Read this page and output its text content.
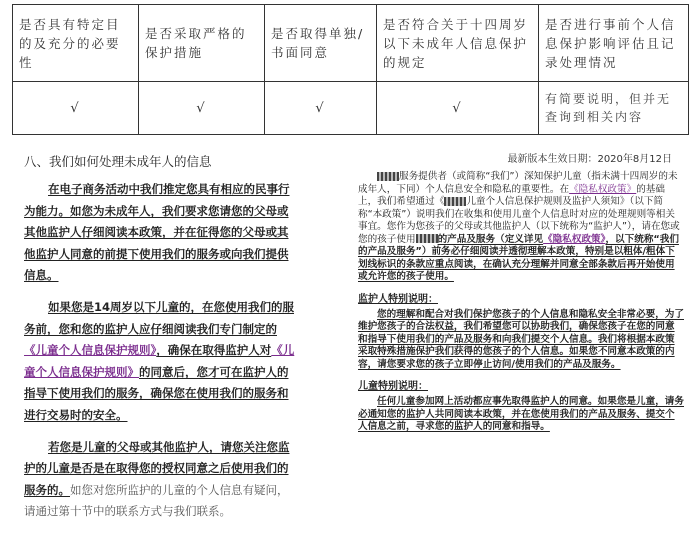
是否具有特定目的及充分的必要性	是否采取严格的保护措施	是否取得单独/书面同意	是否符合关于十四周岁以下未成年人信息保护的规定	是否进行事前个人信息保护影响评估且记录处理情况
√	√	√	√	有简要说明，但并无查询到相关内容
八、我们如何处理未成年人的信息

在电子商务活动中我们推定您具有相应的民事行为能力。如您为未成年人，我们要求您请您的父母或其他监护人仔细阅读本政策，并在征得您的父母或其他监护人同意的前提下使用我们的服务或向我们提供信息。

如果您是14周岁以下儿童的，在您使用我们的服务前，您和您的监护人应仔细阅读我们专门制定的《儿童个人信息保护规则》，确保在取得监护人对《儿童个人信息保护规则》的同意后，您才可在监护人的指导下使用我们的服务，确保您在使用我们的服务和进行交易时的安全。

若您是儿童的父母或其他监护人，请您关注您监护的儿童是否是在取得您的授权同意之后使用我们的服务的。如您对您所监护的儿童的个人信息有疑问，请通过第十节中的联系方式与我们联系。

最新版本生效日期：2020年8月12日

服务提供者（或简称“我们”）深知保护儿童（指未满十四周岁的未成年人，下同）个人信息安全和隐私的重要性。在《隐私权政策》的基础上，我们希望通过《 儿童个人信息保护规则及监护人须知》（以下简称“本政策”）说明我们在收集和使用儿童个人信息时对应的处理规则等相关事宜。您作为您孩子的父母或其他监护人（以下统称为“监护人”），请在您或您的孩子使用 的产品及服务（定义详见《隐私权政策》，以下统称“我们的产品及服务”）前务必仔细阅读并透彻理解本政策，特别是以粗体/粗体下划线标识的条款应重点阅读，在确认充分理解并同意全部条款后再开始使用或允许您的孩子使用。

监护人特别说明：

您的理解和配合对我们保护您孩子的个人信息和隐私安全非常必要，为了维护您孩子的合法权益，我们希望您可以协助我们，确保您孩子在您的同意和指导下使用我们的产品及服务和向我们提交个人信息。我们将根据本政策采取特殊措施保护我们获得的您孩子的个人信息。如果您不同意本政策的内容，请您要求您的孩子立即停止访问/使用我们的产品及服务。

儿童特别说明：

任何儿童参加网上活动都应事先取得监护人的同意。如果您是儿童，请务必通知您的监护人共同阅读本政策，并在您使用我们的产品及服务、提交个人信息之前，寻求您的监护人的同意和指导。
